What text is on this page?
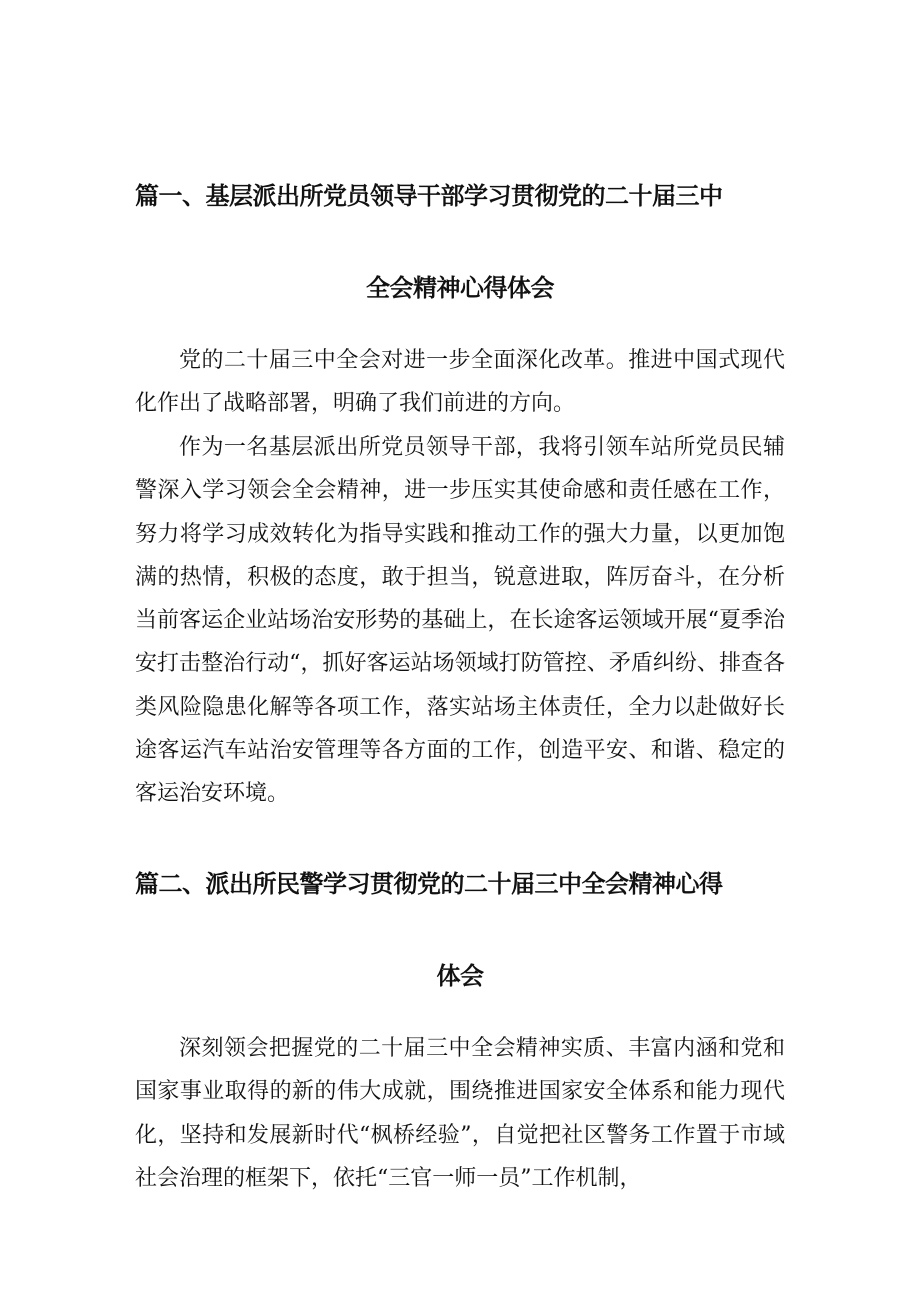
篇一、基层派出所党员领导干部学习贯彻党的二十届三中
全会精神心得体会

党的二十届三中全会对进一步全面深化改革。推进中国式现代化作出了战略部署，明确了我们前进的方向。

作为一名基层派出所党员领导干部，我将引领车站所党员民辅警深入学习领会全会精神，进一步压实其使命感和责任感在工作，努力将学习成效转化为指导实践和推动工作的强大力量，以更加饱满的热情，积极的态度，敢于担当，锐意进取，阵厉奋斗，在分析当前客运企业站场治安形势的基础上，在长途客运领域开展“夏季治安打击整治行动“，抓好客运站场领域打防管控、矛盾纠纷、排查各类风险隐患化解等各项工作，落实站场主体责任，全力以赴做好长途客运汽车站治安管理等各方面的工作，创造平安、和谐、稳定的客运治安环境。

篇二、派出所民警学习贯彻党的二十届三中全会精神心得
体会

深刻领会把握党的二十届三中全会精神实质、丰富内涵和党和国家事业取得的新的伟大成就，围绕推进国家安全体系和能力现代化，坚持和发展新时代“枫桥经验”，自觉把社区警务工作置于市域社会治理的框架下，依托“三官一师一员”工作机制，
